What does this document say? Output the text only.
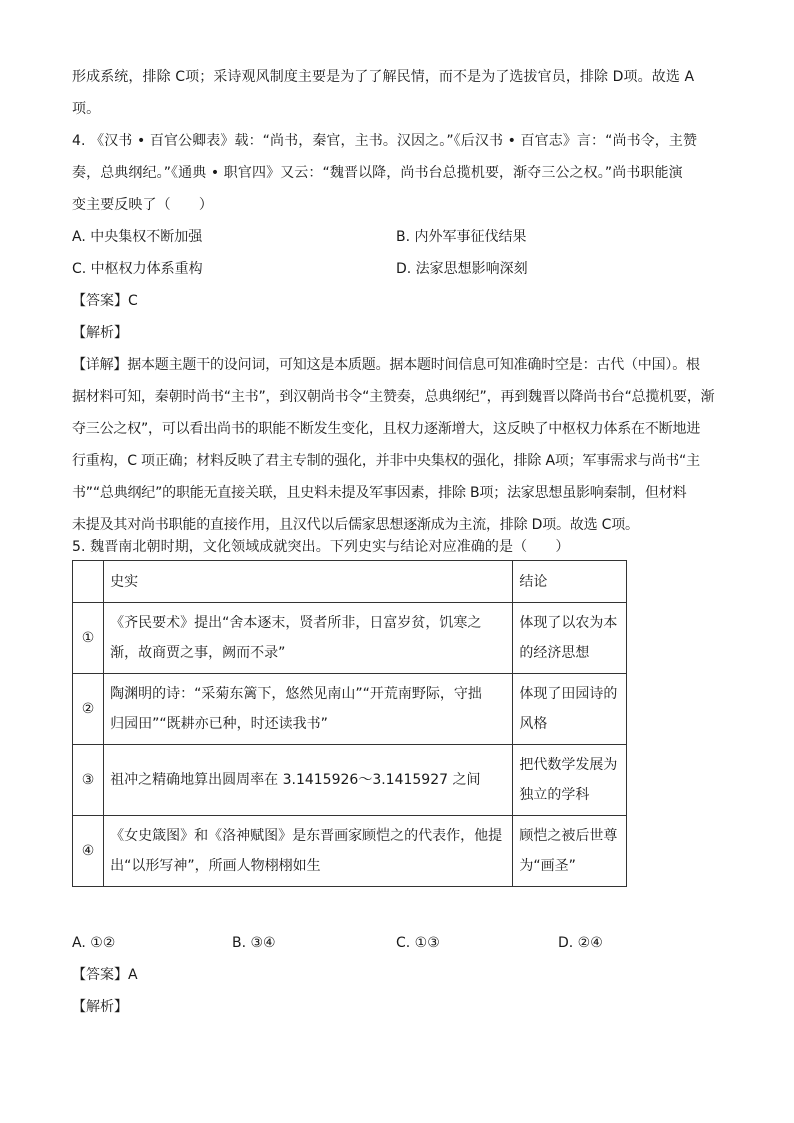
形成系统，排除 C项；采诗观风制度主要是为了了解民情，而不是为了选拔官员，排除 D项。故选 A
项。
4. 《汉书 • 百官公卿表》载：“尚书，秦官，主书。汉因之。”《后汉书 • 百官志》言：“尚书令，主赞
奏，总典纲纪。”《通典 • 职官四》又云：“魏晋以降，尚书台总揽机要，渐夺三公之权。”尚书职能演
变主要反映了（　　）
A. 中央集权不断加强	B. 内外军事征伐结果
C. 中枢权力体系重构	D. 法家思想影响深刻
【答案】C
【解析】
【详解】据本题主题干的设问词，可知这是本质题。据本题时间信息可知准确时空是：古代（中国）。根
据材料可知，秦朝时尚书“主书”，到汉朝尚书令“主赞奏，总典纲纪”，再到魏晋以降尚书台“总揽机要，渐
夺三公之权”，可以看出尚书的职能不断发生变化，且权力逐渐增大，这反映了中枢权力体系在不断地进
行重构，C 项正确；材料反映了君主专制的强化，并非中央集权的强化，排除 A项；军事需求与尚书“主
书”“总典纲纪”的职能无直接关联，且史料未提及军事因素，排除 B项；法家思想虽影响秦制，但材料
未提及其对尚书职能的直接作用，且汉代以后儒家思想逐渐成为主流，排除 D项。故选 C项。
5. 魏晋南北朝时期，文化领域成就突出。下列史实与结论对应准确的是（　　）
	史实	结论
①	《齐民要术》提出“舍本逐末，贤者所非，日富岁贫，饥寒之
渐，故商贾之事，阙而不录”	体现了以农为本
的经济思想

②	陶渊明的诗：“采菊东篱下，悠然见南山”“开荒南野际，守拙
归园田”“既耕亦已种，时还读我书”	体现了田园诗的
风格

③	祖冲之精确地算出圆周率在 3.1415926～3.1415927 之间	把代数学发展为
独立的学科

④	《女史箴图》和《洛神赋图》是东晋画家顾恺之的代表作，他提
出“以形写神”，所画人物栩栩如生	顾恺之被后世尊
为“画圣”
A. ①②	B. ③④	C. ①③	D. ②④
【答案】A
【解析】
